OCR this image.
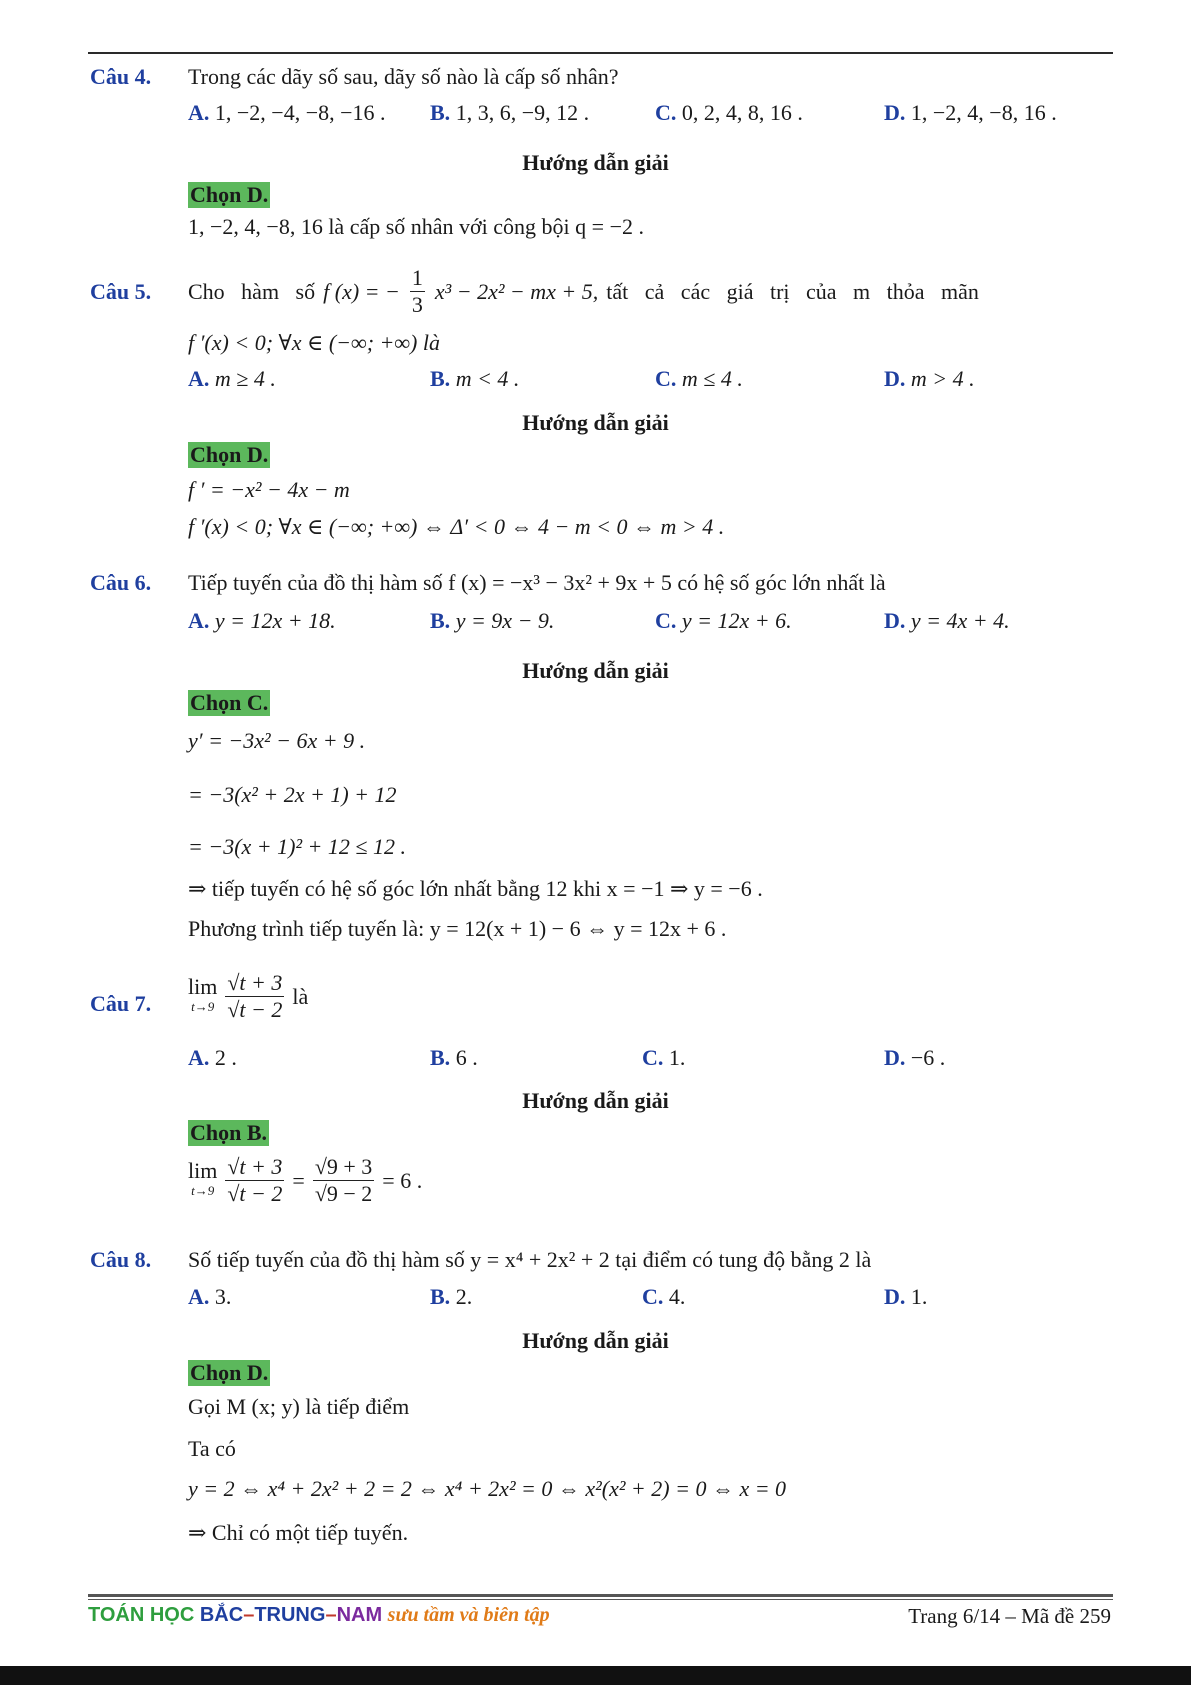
Câu 4. Trong các dãy số sau, dãy số nào là cấp số nhân?
A. 1, −2, −4, −8, −16 . B. 1, 3, 6, −9, 12 .	C. 0, 2, 4, 8, 16 .	D. 1, −2, 4, −8, 16 .
Hướng dẫn giải
Chọn D.
1, −2, 4, −8, 16 là cấp số nhân với công bội q = −2 .
Câu 5. Cho   hàm   số f (x) = − $\frac{1}{3} x^3 - 2x^2$ − mx + 5, tất   cả   các   giá   trị   của   m   thỏa   mãn
f ′(x) < 0; ∀x ∈ (−∞; +∞) là
A. m ≥ 4 .	B. m < 4 .	C. m ≤ 4 .	D. m > 4 .
Hướng dẫn giải
Chọn D.
f ′ = −x² − 4x − m
f ′(x) < 0; ∀x ∈ (−∞; +∞) ⇔ Δ′ < 0 ⇔ 4 − m < 0 ⇔ m > 4 .
Câu 6. Tiếp tuyến của đồ thị hàm số f (x) = −x³ − 3x² + 9x + 5 có hệ số góc lớn nhất là
A. y = 12x + 18.	B. y = 9x − 9.	C. y = 12x + 6.	D. y = 4x + 4.
Hướng dẫn giải
Chọn C.
y′ = −3x² − 6x + 9 .
= −3(x² + 2x + 1) + 12
= −3(x + 1)² + 12 ≤ 12 .
⇒ tiếp tuyến có hệ số góc lớn nhất bằng 12 khi x = −1 ⇒ y = −6 .
Phương trình tiếp tuyến là: y = 12(x + 1) − 6 ⇔ y = 12x + 6 .
Câu 7.
lim
$t\to 9 \frac{√t + 3}{√t - 2}$ là
A. 2 .	B. 6 .	C. 1.	D. −6 .
Hướng dẫn giải
Chọn B.
lim
$t\to 9 \frac{√t + 3}{√t - 2} = \frac{√9 + 3}{√9 - 2} = 6$ .
Câu 8. Số tiếp tuyến của đồ thị hàm số y = x⁴ + 2x² + 2 tại điểm có tung độ bằng 2 là
A. 3.	B. 2.	C. 4.	D. 1.
Hướng dẫn giải
Chọn D.
Gọi M (x; y) là tiếp điểm
Ta có
y = 2 ⇔ x⁴ + 2x² + 2 = 2 ⇔ x⁴ + 2x² = 0 ⇔ x²(x² + 2) = 0 ⇔ x = 0
⇒ Chỉ có một tiếp tuyến.
TOÁN HỌC BẮC–TRUNG–NAM sưu tầm và biên tập	Trang 6/14 – Mã đề 259
